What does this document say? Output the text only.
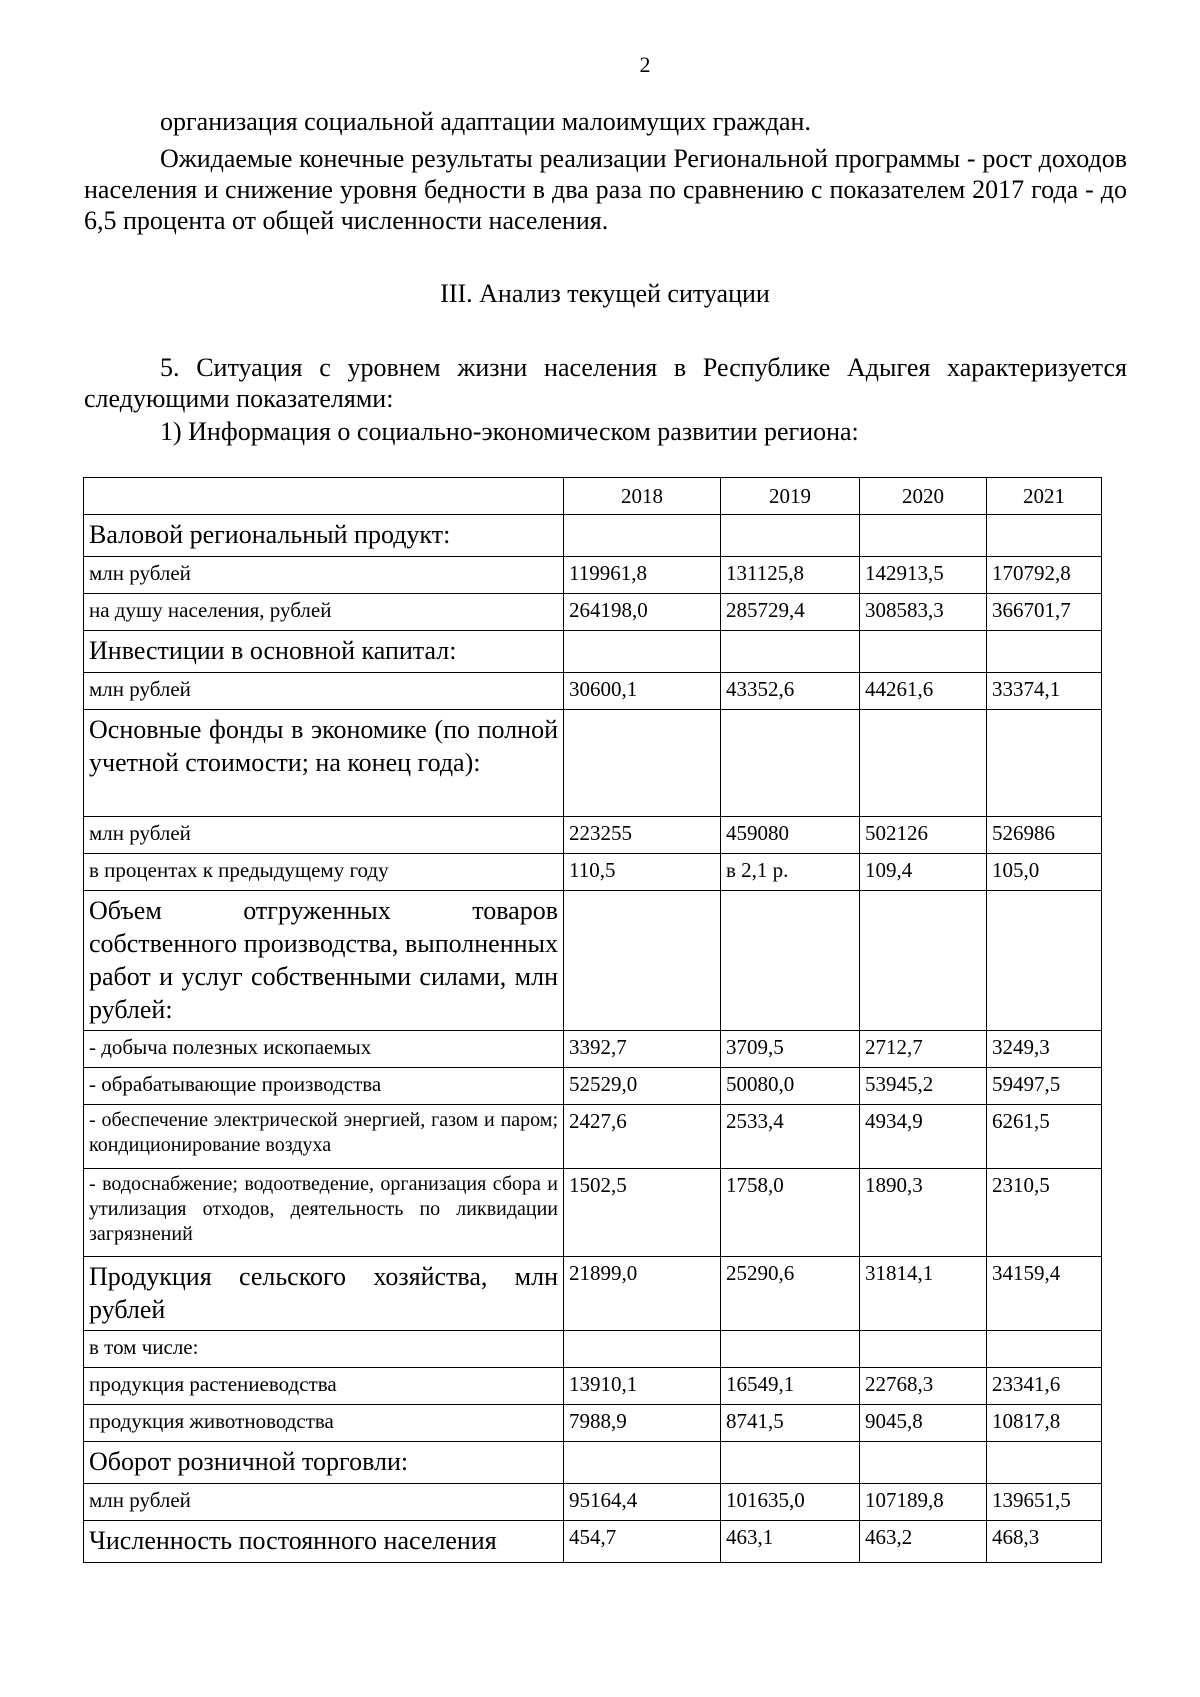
2

организация социальной адаптации малоимущих граждан.

Ожидаемые конечные результаты реализации Региональной программы - рост доходов населения и снижение уровня бедности в два раза по сравнению с показателем 2017 года - до 6,5 процента от общей численности населения.

III. Анализ текущей ситуации

5. Ситуация с уровнем жизни населения в Республике Адыгея характеризуется следующими показателями:

1) Информация о социально-экономическом развитии региона:

	2018	2019	2020	2021
Валовой региональный продукт:				
млн рублей	119961,8	131125,8	142913,5	170792,8
на душу населения, рублей	264198,0	285729,4	308583,3	366701,7
Инвестиции в основной капитал:				
млн рублей	30600,1	43352,6	44261,6	33374,1
Основные фонды в экономике (по полной учетной стоимости; на конец года):				
млн рублей	223255	459080	502126	526986
в процентах к предыдущему году	110,5	в 2,1 р.	109,4	105,0
Объем отгруженных товаров собственного производства, выполненных работ и услуг собственными силами, млн рублей:				
- добыча полезных ископаемых	3392,7	3709,5	2712,7	3249,3
- обрабатывающие производства	52529,0	50080,0	53945,2	59497,5
- обеспечение электрической энергией, газом и паром; кондиционирование воздуха	2427,6	2533,4	4934,9	6261,5
- водоснабжение; водоотведение, организация сбора и утилизация отходов, деятельность по ликвидации загрязнений	1502,5	1758,0	1890,3	2310,5
Продукция сельского хозяйства, млн рублей	21899,0	25290,6	31814,1	34159,4
в том числе:				
продукция растениеводства	13910,1	16549,1	22768,3	23341,6
продукция животноводства	7988,9	8741,5	9045,8	10817,8
Оборот розничной торговли:				
млн рублей	95164,4	101635,0	107189,8	139651,5
Численность постоянного населения	454,7	463,1	463,2	468,3
